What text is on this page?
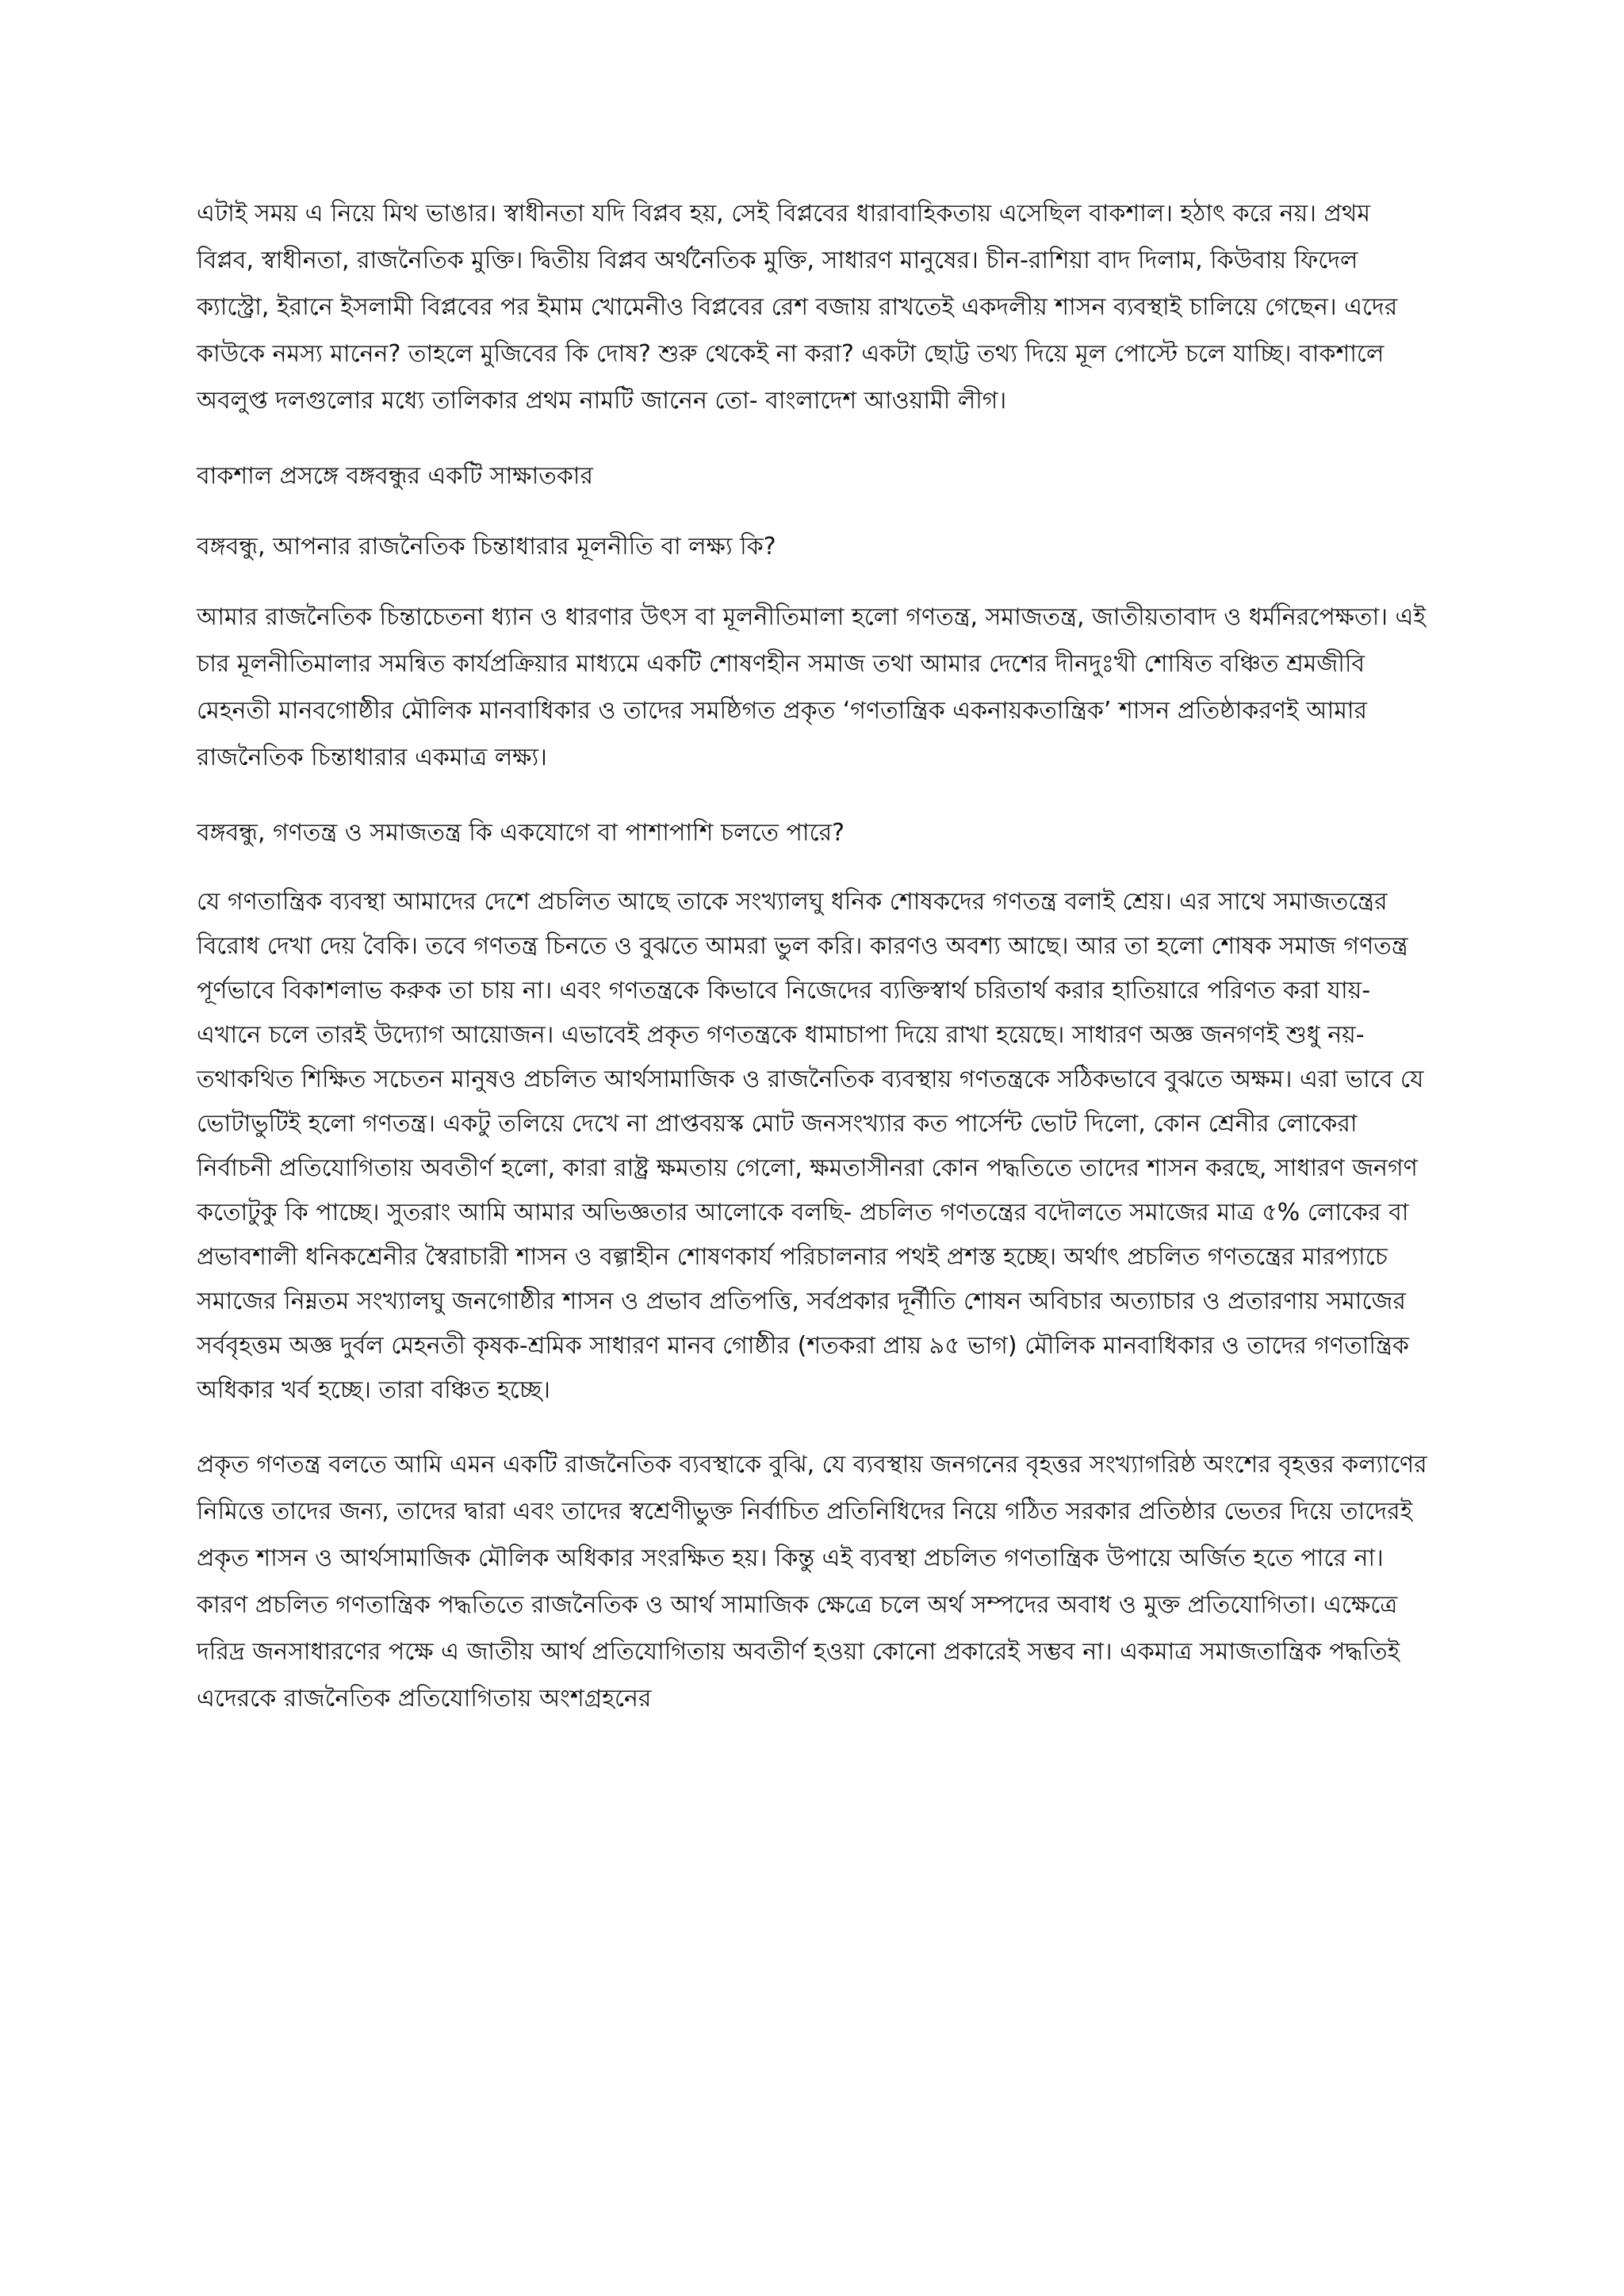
এটাই সময় এ নিয়ে মিথ ভাঙার। স্বাধীনতা যদি বিপ্লব হয়, সেই বিপ্লবের ধারাবাহিকতায় এসেছিল বাকশাল। হঠাৎ করে নয়। প্রথম বিপ্লব, স্বাধীনতা, রাজনৈতিক মুক্তি। দ্বিতীয় বিপ্লব অর্থনৈতিক মুক্তি, সাধারণ মানুষের। চীন-রাশিয়া বাদ দিলাম, কিউবায় ফিদেল ক্যাস্ট্রো, ইরানে ইসলামী বিপ্লবের পর ইমাম খোমেনীও বিপ্লবের রেশ বজায় রাখতেই একদলীয় শাসন ব্যবস্থাই চালিয়ে গেছেন। এদের কাউকে নমস্য মানেন? তাহলে মুজিবের কি দোষ? শুরু থেকেই না করা? একটা ছোট্ট তথ্য দিয়ে মূল পোস্টে চলে যাচ্ছি। বাকশালে অবলুপ্ত দলগুলোর মধ্যে তালিকার প্রথম নামটি জানেন তো- বাংলাদেশ আওয়ামী লীগ।

বাকশাল প্রসঙ্গে বঙ্গবন্ধুর একটি সাক্ষাতকার

বঙ্গবন্ধু, আপনার রাজনৈতিক চিন্তাধারার মূলনীতি বা লক্ষ্য কি?

আমার রাজনৈতিক চিন্তাচেতনা ধ্যান ও ধারণার উৎস বা মূলনীতিমালা হলো গণতন্ত্র, সমাজতন্ত্র, জাতীয়তাবাদ ও ধর্মনিরপেক্ষতা। এই চার মূলনীতিমালার সমন্বিত কার্যপ্রক্রিয়ার মাধ্যমে একটি শোষণহীন সমাজ তথা আমার দেশের দীনদুঃখী শোষিত বঞ্চিত শ্রমজীবি মেহনতী মানবগোষ্ঠীর মৌলিক মানবাধিকার ও তাদের সমষ্ঠিগত প্রকৃত ‘গণতান্ত্রিক একনায়কতান্ত্রিক’ শাসন প্রতিষ্ঠাকরণই আমার রাজনৈতিক চিন্তাধারার একমাত্র লক্ষ্য।

বঙ্গবন্ধু, গণতন্ত্র ও সমাজতন্ত্র কি একযোগে বা পাশাপাশি চলতে পারে?

যে গণতান্ত্রিক ব্যবস্থা আমাদের দেশে প্রচলিত আছে তাকে সংখ্যালঘু ধনিক শোষকদের গণতন্ত্র বলাই শ্রেয়। এর সাথে সমাজতন্ত্রের বিরোধ দেখা দেয় বৈকি। তবে গণতন্ত্র চিনতে ও বুঝতে আমরা ভুল করি। কারণও অবশ্য আছে। আর তা হলো শোষক সমাজ গণতন্ত্র পূর্ণভাবে বিকাশলাভ করুক তা চায় না। এবং গণতন্ত্রকে কিভাবে নিজেদের ব্যক্তিস্বার্থ চরিতার্থ করার হাতিয়ারে পরিণত করা যায়- এখানে চলে তারই উদ্যোগ আয়োজন। এভাবেই প্রকৃত গণতন্ত্রকে ধামাচাপা দিয়ে রাখা হয়েছে। সাধারণ অজ্ঞ জনগণই শুধু নয়- তথাকথিত শিক্ষিত সচেতন মানুষও প্রচলিত আর্থসামাজিক ও রাজনৈতিক ব্যবস্থায় গণতন্ত্রকে সঠিকভাবে বুঝতে অক্ষম। এরা ভাবে যে ভোটাভুটিই হলো গণতন্ত্র। একটু তলিয়ে দেখে না প্রাপ্তবয়স্ক মোট জনসংখ্যার কত পার্সেন্ট ভোট দিলো, কোন শ্রেনীর লোকেরা নির্বাচনী প্রতিযোগিতায় অবতীর্ণ হলো, কারা রাষ্ট্র ক্ষমতায় গেলো, ক্ষমতাসীনরা কোন পদ্ধতিতে তাদের শাসন করছে, সাধারণ জনগণ কতোটুকু কি পাচ্ছে। সুতরাং আমি আমার অভিজ্ঞতার আলোকে বলছি- প্রচলিত গণতন্ত্রের বদৌলতে সমাজের মাত্র ৫% লোকের বা প্রভাবশালী ধনিকশ্রেনীর স্বৈরাচারী শাসন ও বল্গাহীন শোষণকার্য পরিচালনার পথই প্রশস্ত হচ্ছে। অর্থাৎ প্রচলিত গণতন্ত্রের মারপ্যাচে সমাজের নিম্নতম সংখ্যালঘু জনগোষ্ঠীর শাসন ও প্রভাব প্রতিপত্তি, সর্বপ্রকার দূর্নীতি শোষন অবিচার অত্যাচার ও প্রতারণায় সমাজের সর্ববৃহত্তম অজ্ঞ দুর্বল মেহনতী কৃষক-শ্রমিক সাধারণ মানব গোষ্ঠীর (শতকরা প্রায় ৯৫ ভাগ) মৌলিক মানবাধিকার ও তাদের গণতান্ত্রিক অধিকার খর্ব হচ্ছে। তারা বঞ্চিত হচ্ছে।

প্রকৃত গণতন্ত্র বলতে আমি এমন একটি রাজনৈতিক ব্যবস্থাকে বুঝি, যে ব্যবস্থায় জনগনের বৃহত্তর সংখ্যাগরিষ্ঠ অংশের বৃহত্তর কল্যাণের নিমিত্তে তাদের জন্য, তাদের দ্বারা এবং তাদের স্বশ্রেণীভুক্ত নির্বাচিত প্রতিনিধিদের নিয়ে গঠিত সরকার প্রতিষ্ঠার ভেতর দিয়ে তাদেরই প্রকৃত শাসন ও আর্থসামাজিক মৌলিক অধিকার সংরক্ষিত হয়। কিন্তু এই ব্যবস্থা প্রচলিত গণতান্ত্রিক উপায়ে অর্জিত হতে পারে না। কারণ প্রচলিত গণতান্ত্রিক পদ্ধতিতে রাজনৈতিক ও আর্থ সামাজিক ক্ষেত্রে চলে অর্থ সম্পদের অবাধ ও মুক্ত প্রতিযোগিতা। এক্ষেত্রে দরিদ্র জনসাধারণের পক্ষে এ জাতীয় আর্থ প্রতিযোগিতায় অবতীর্ণ হওয়া কোনো প্রকারেই সম্ভব না। একমাত্র সমাজতান্ত্রিক পদ্ধতিই এদেরকে রাজনৈতিক প্রতিযোগিতায় অংশগ্রহনের
